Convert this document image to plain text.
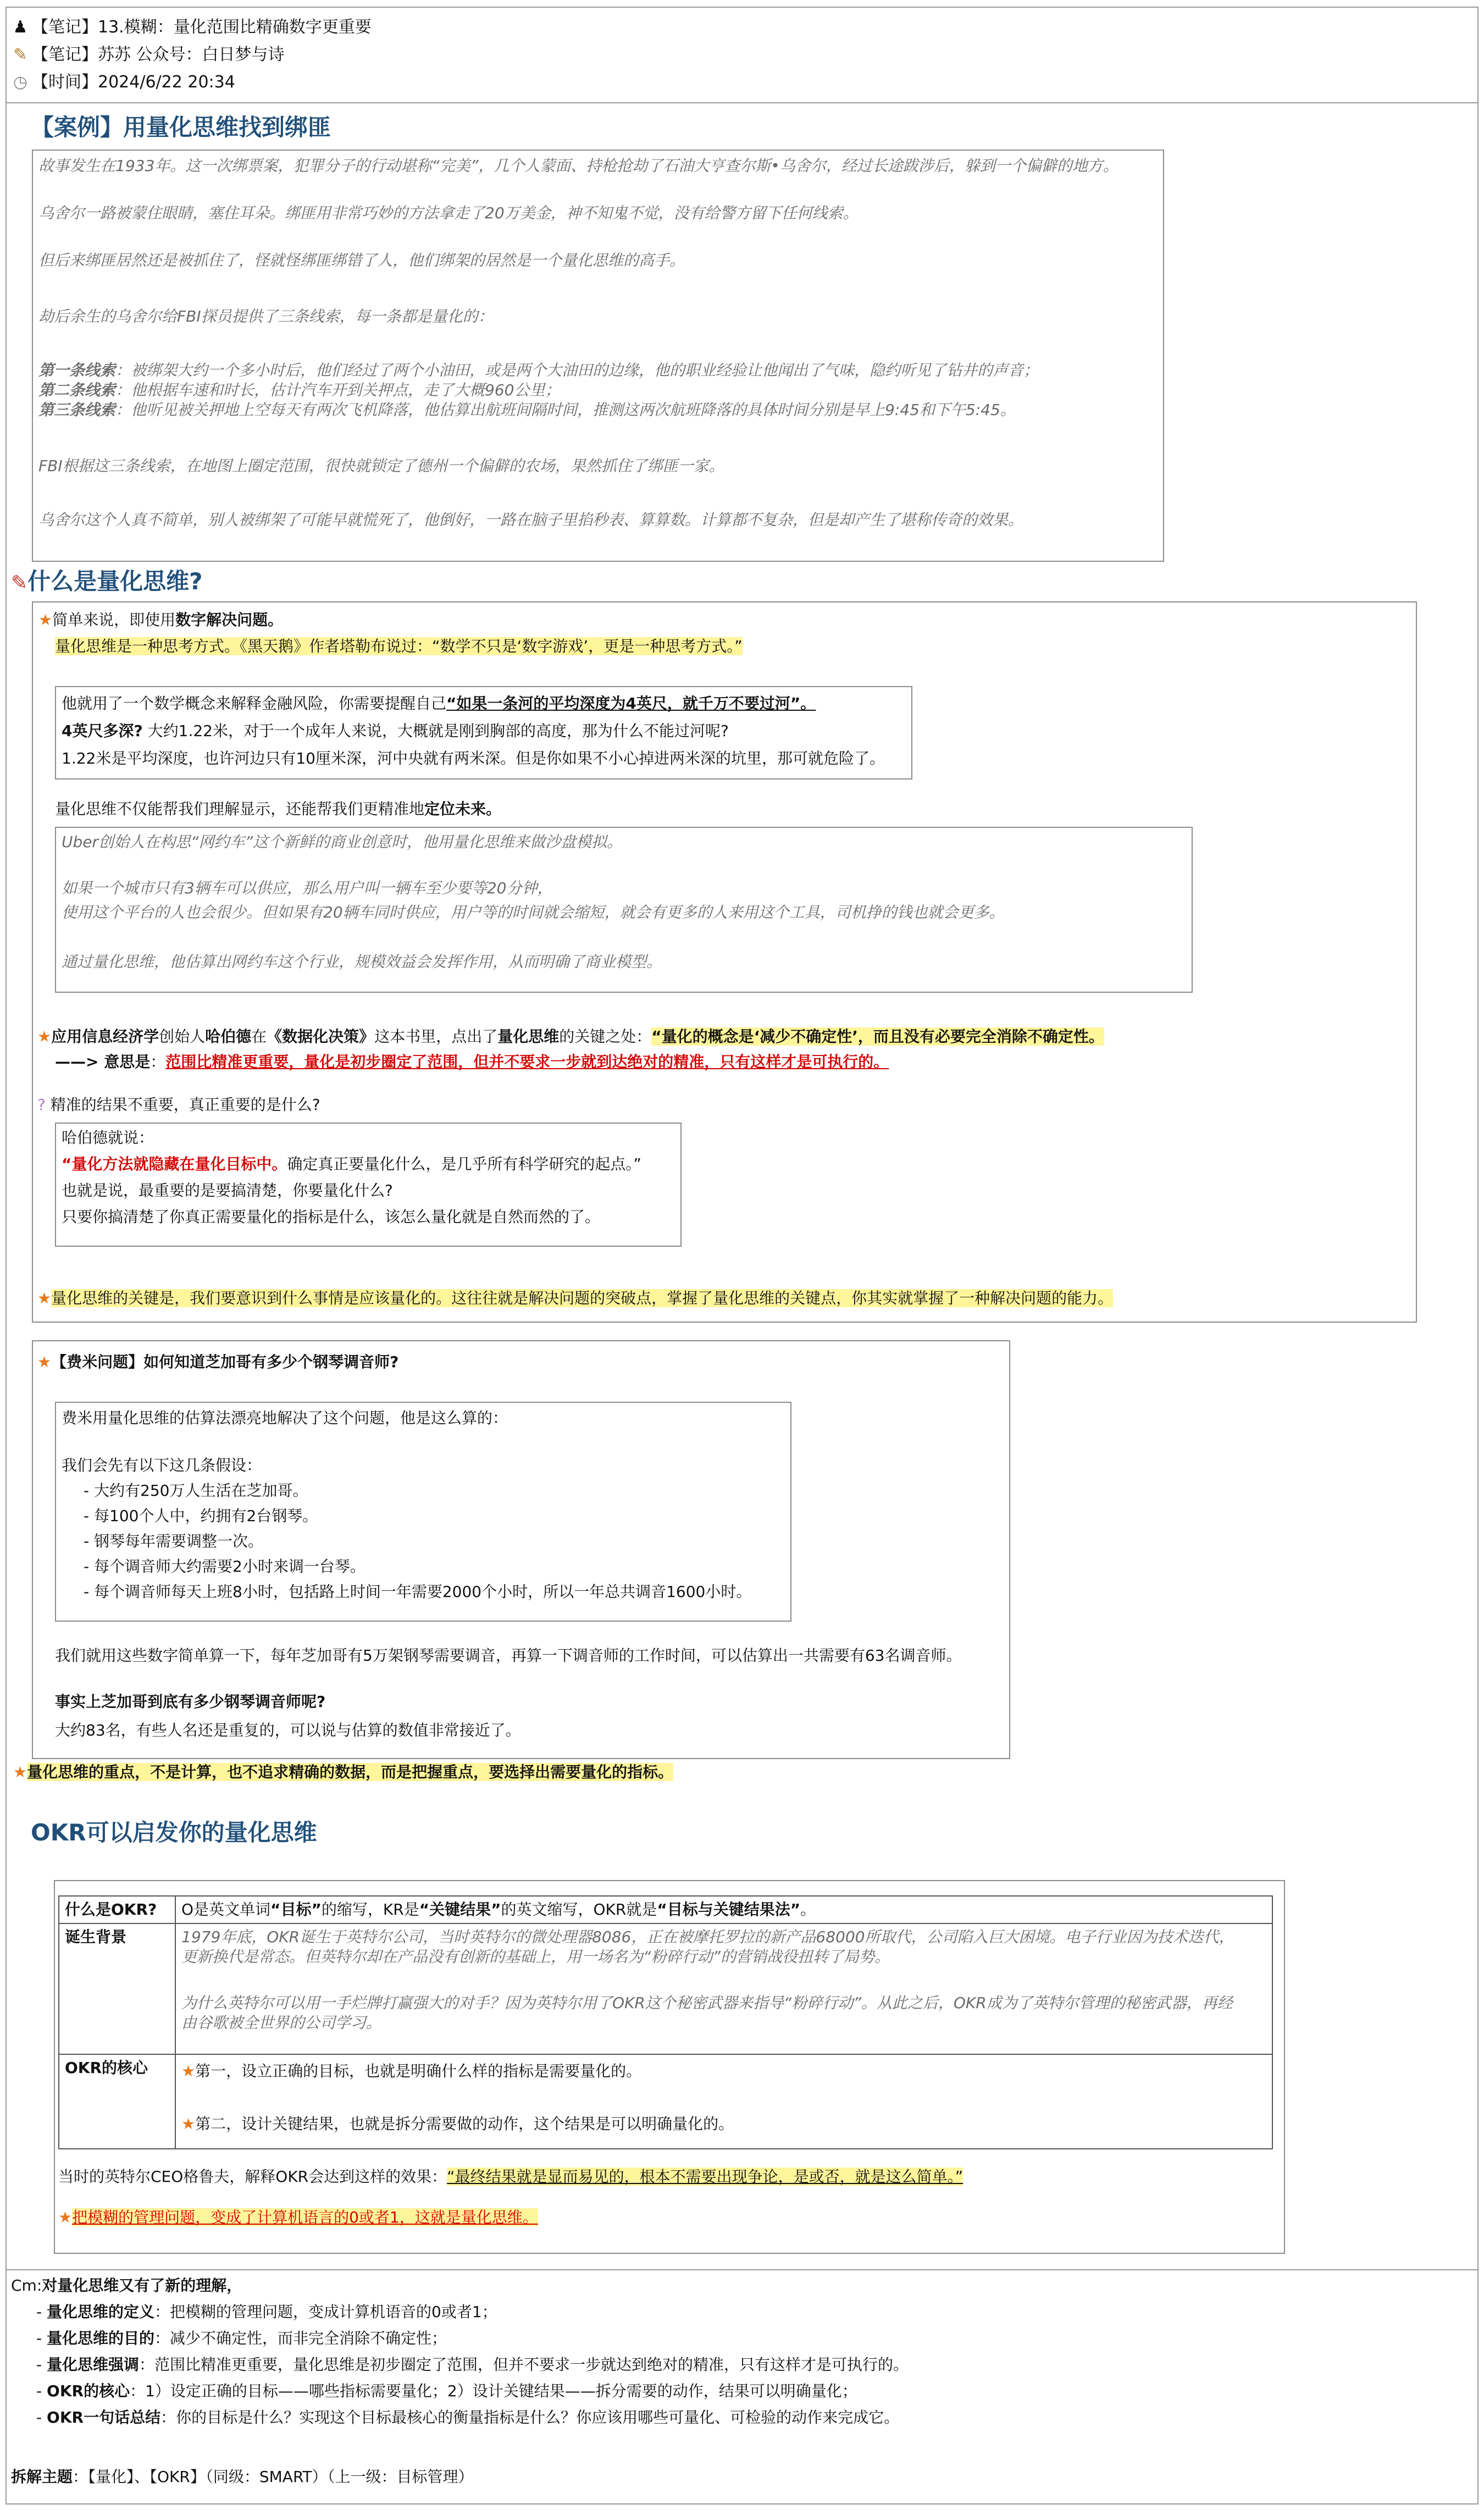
♟ 【笔记】13.模糊：量化范围比精确数字更重要
✎ 【笔记】苏苏 公众号：白日梦与诗
◷ 【时间】2024/6/22 20:34
【案例】用量化思维找到绑匪
故事发生在1933年。这一次绑票案，犯罪分子的行动堪称“完美”，几个人蒙面、持枪抢劫了石油大亨查尔斯•乌舍尔，经过长途跋涉后，躲到一个偏僻的地方。
乌舍尔一路被蒙住眼睛，塞住耳朵。绑匪用非常巧妙的方法拿走了20万美金，神不知鬼不觉，没有给警方留下任何线索。
但后来绑匪居然还是被抓住了，怪就怪绑匪绑错了人，他们绑架的居然是一个量化思维的高手。
劫后余生的乌舍尔给FBI探员提供了三条线索，每一条都是量化的：
第一条线索：被绑架大约一个多小时后，他们经过了两个小油田，或是两个大油田的边缘，他的职业经验让他闻出了气味，隐约听见了钻井的声音；
第二条线索：他根据车速和时长，估计汽车开到关押点，走了大概960公里；
第三条线索：他听见被关押地上空每天有两次飞机降落，他估算出航班间隔时间，推测这两次航班降落的具体时间分别是早上9:45和下午5:45。
FBI根据这三条线索，在地图上圈定范围，很快就锁定了德州一个偏僻的农场，果然抓住了绑匪一家。
乌舍尔这个人真不简单，别人被绑架了可能早就慌死了，他倒好，一路在脑子里掐秒表、算算数。计算都不复杂，但是却产生了堪称传奇的效果。
✎什么是量化思维?
★简单来说，即使用数字解决问题。
量化思维是一种思考方式。《黑天鹅》作者塔勒布说过：“数学不只是‘数字游戏’，更是一种思考方式。”
他就用了一个数学概念来解释金融风险，你需要提醒自己“如果一条河的平均深度为4英尺，就千万不要过河”。
4英尺多深? 大约1.22米，对于一个成年人来说，大概就是刚到胸部的高度，那为什么不能过河呢?
1.22米是平均深度，也许河边只有10厘米深，河中央就有两米深。但是你如果不小心掉进两米深的坑里，那可就危险了。
量化思维不仅能帮我们理解显示，还能帮我们更精准地定位未来。
Uber创始人在构思“网约车”这个新鲜的商业创意时，他用量化思维来做沙盘模拟。
如果一个城市只有3辆车可以供应，那么用户叫一辆车至少要等20分钟，
使用这个平台的人也会很少。但如果有20辆车同时供应，用户等的时间就会缩短，就会有更多的人来用这个工具，司机挣的钱也就会更多。
通过量化思维，他估算出网约车这个行业，规模效益会发挥作用，从而明确了商业模型。
★应用信息经济学创始人哈伯德在《数据化决策》这本书里，点出了量化思维的关键之处：“量化的概念是‘减少不确定性’，而且没有必要完全消除不确定性。
——> 意思是：范围比精准更重要，量化是初步圈定了范围，但并不要求一步就到达绝对的精准，只有这样才是可执行的。
? 精准的结果不重要，真正重要的是什么?
哈伯德就说：
“量化方法就隐藏在量化目标中。确定真正要量化什么，是几乎所有科学研究的起点。”
也就是说，最重要的是要搞清楚，你要量化什么?
只要你搞清楚了你真正需要量化的指标是什么，该怎么量化就是自然而然的了。
★量化思维的关键是，我们要意识到什么事情是应该量化的。这往往就是解决问题的突破点，掌握了量化思维的关键点，你其实就掌握了一种解决问题的能力。
★【费米问题】如何知道芝加哥有多少个钢琴调音师?
费米用量化思维的估算法漂亮地解决了这个问题，他是这么算的：
我们会先有以下这几条假设：
- 大约有250万人生活在芝加哥。
- 每100个人中，约拥有2台钢琴。
- 钢琴每年需要调整一次。
- 每个调音师大约需要2小时来调一台琴。
- 每个调音师每天上班8小时，包括路上时间一年需要2000个小时，所以一年总共调音1600小时。
我们就用这些数字简单算一下，每年芝加哥有5万架钢琴需要调音，再算一下调音师的工作时间，可以估算出一共需要有63名调音师。
事实上芝加哥到底有多少钢琴调音师呢?
大约83名，有些人名还是重复的，可以说与估算的数值非常接近了。
★量化思维的重点，不是计算，也不追求精确的数据，而是把握重点，要选择出需要量化的指标。
OKR可以启发你的量化思维
什么是OKR?	O是英文单词“目标”的缩写，KR是“关键结果”的英文缩写，OKR就是“目标与关键结果法”。
诞生背景	1979年底，OKR诞生于英特尔公司，当时英特尔的微处理器8086，正在被摩托罗拉的新产品68000所取代，公司陷入巨大困境。电子行业因为技术迭代，
更新换代是常态。但英特尔却在产品没有创新的基础上，用一场名为“粉碎行动”的营销战役扭转了局势。
为什么英特尔可以用一手烂牌打赢强大的对手？因为英特尔用了OKR这个秘密武器来指导“粉碎行动”。从此之后，OKR成为了英特尔管理的秘密武器，再经
由谷歌被全世界的公司学习。

OKR的核心	★第一，设立正确的目标，也就是明确什么样的指标是需要量化的。
★第二，设计关键结果，也就是拆分需要做的动作，这个结果是可以明确量化的。
当时的英特尔CEO格鲁夫，解释OKR会达到这样的效果：“最终结果就是显而易见的，根本不需要出现争论，是或否，就是这么简单。”
★把模糊的管理问题，变成了计算机语言的0或者1，这就是量化思维。
Cm:对量化思维又有了新的理解，
- 量化思维的定义：把模糊的管理问题，变成计算机语音的0或者1；
- 量化思维的目的：减少不确定性，而非完全消除不确定性；
- 量化思维强调：范围比精准更重要，量化思维是初步圈定了范围，但并不要求一步就达到绝对的精准，只有这样才是可执行的。
- OKR的核心：1）设定正确的目标——哪些指标需要量化；2）设计关键结果——拆分需要的动作，结果可以明确量化；
- OKR一句话总结：你的目标是什么？实现这个目标最核心的衡量指标是什么？你应该用哪些可量化、可检验的动作来完成它。
拆解主题：【量化】、【OKR】（同级：SMART）（上一级：目标管理）
